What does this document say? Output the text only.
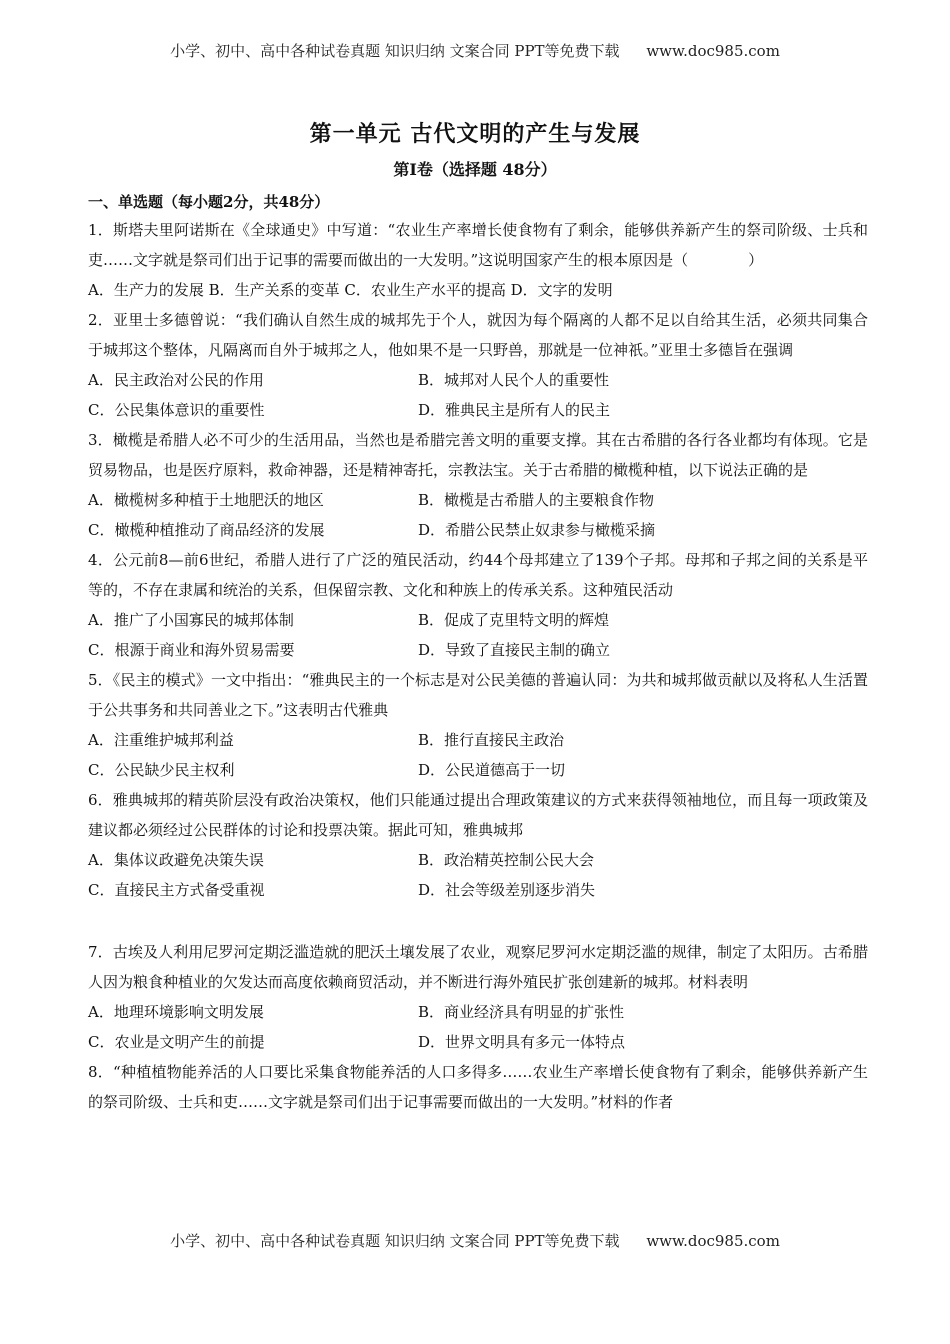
小学、初中、高中各种试卷真题 知识归纳 文案合同 PPT等免费下载 www.doc985.com
第一单元 古代文明的产生与发展
第Ⅰ卷（选择题 48分）
一、单选题（每小题2分，共48分）
1．斯塔夫里阿诺斯在《全球通史》中写道：“农业生产率增长使食物有了剩余，能够供养新产生的祭司阶级、士兵和吏……文字就是祭司们出于记事的需要而做出的一大发明。”这说明国家产生的根本原因是（　　　　）
A．生产力的发展 B．生产关系的变革 C．农业生产水平的提高 D．文字的发明
2．亚里士多德曾说：“我们确认自然生成的城邦先于个人，就因为每个隔离的人都不足以自给其生活，必须共同集合于城邦这个整体，凡隔离而自外于城邦之人，他如果不是一只野兽，那就是一位神祇。”亚里士多德旨在强调
A．民主政治对公民的作用	B．城邦对人民个人的重要性
C．公民集体意识的重要性	D．雅典民主是所有人的民主
3．橄榄是希腊人必不可少的生活用品，当然也是希腊完善文明的重要支撑。其在古希腊的各行各业都均有体现。它是贸易物品，也是医疗原料，救命神器，还是精神寄托，宗教法宝。关于古希腊的橄榄种植，以下说法正确的是
A．橄榄树多种植于土地肥沃的地区	B．橄榄是古希腊人的主要粮食作物
C．橄榄种植推动了商品经济的发展	D．希腊公民禁止奴隶参与橄榄采摘
4．公元前8—前6世纪，希腊人进行了广泛的殖民活动，约44个母邦建立了139个子邦。母邦和子邦之间的关系是平等的，不存在隶属和统治的关系，但保留宗教、文化和种族上的传承关系。这种殖民活动
A．推广了小国寡民的城邦体制	B．促成了克里特文明的辉煌
C．根源于商业和海外贸易需要	D．导致了直接民主制的确立
5．《民主的模式》一文中指出：“雅典民主的一个标志是对公民美德的普遍认同：为共和城邦做贡献以及将私人生活置于公共事务和共同善业之下。”这表明古代雅典
A．注重维护城邦利益	B．推行直接民主政治
C．公民缺少民主权利	D．公民道德高于一切
6．雅典城邦的精英阶层没有政治决策权，他们只能通过提出合理政策建议的方式来获得领袖地位，而且每一项政策及建议都必须经过公民群体的讨论和投票决策。据此可知，雅典城邦
A．集体议政避免决策失误	B．政治精英控制公民大会
C．直接民主方式备受重视	D．社会等级差别逐步消失
7．古埃及人利用尼罗河定期泛滥造就的肥沃土壤发展了农业，观察尼罗河水定期泛滥的规律，制定了太阳历。古希腊人因为粮食种植业的欠发达而高度依赖商贸活动，并不断进行海外殖民扩张创建新的城邦。材料表明
A．地理环境影响文明发展	B．商业经济具有明显的扩张性
C．农业是文明产生的前提	D．世界文明具有多元一体特点
8．“种植植物能养活的人口要比采集食物能养活的人口多得多……农业生产率增长使食物有了剩余，能够供养新产生的祭司阶级、士兵和吏……文字就是祭司们出于记事需要而做出的一大发明。”材料的作者
小学、初中、高中各种试卷真题 知识归纳 文案合同 PPT等免费下载 www.doc985.com
